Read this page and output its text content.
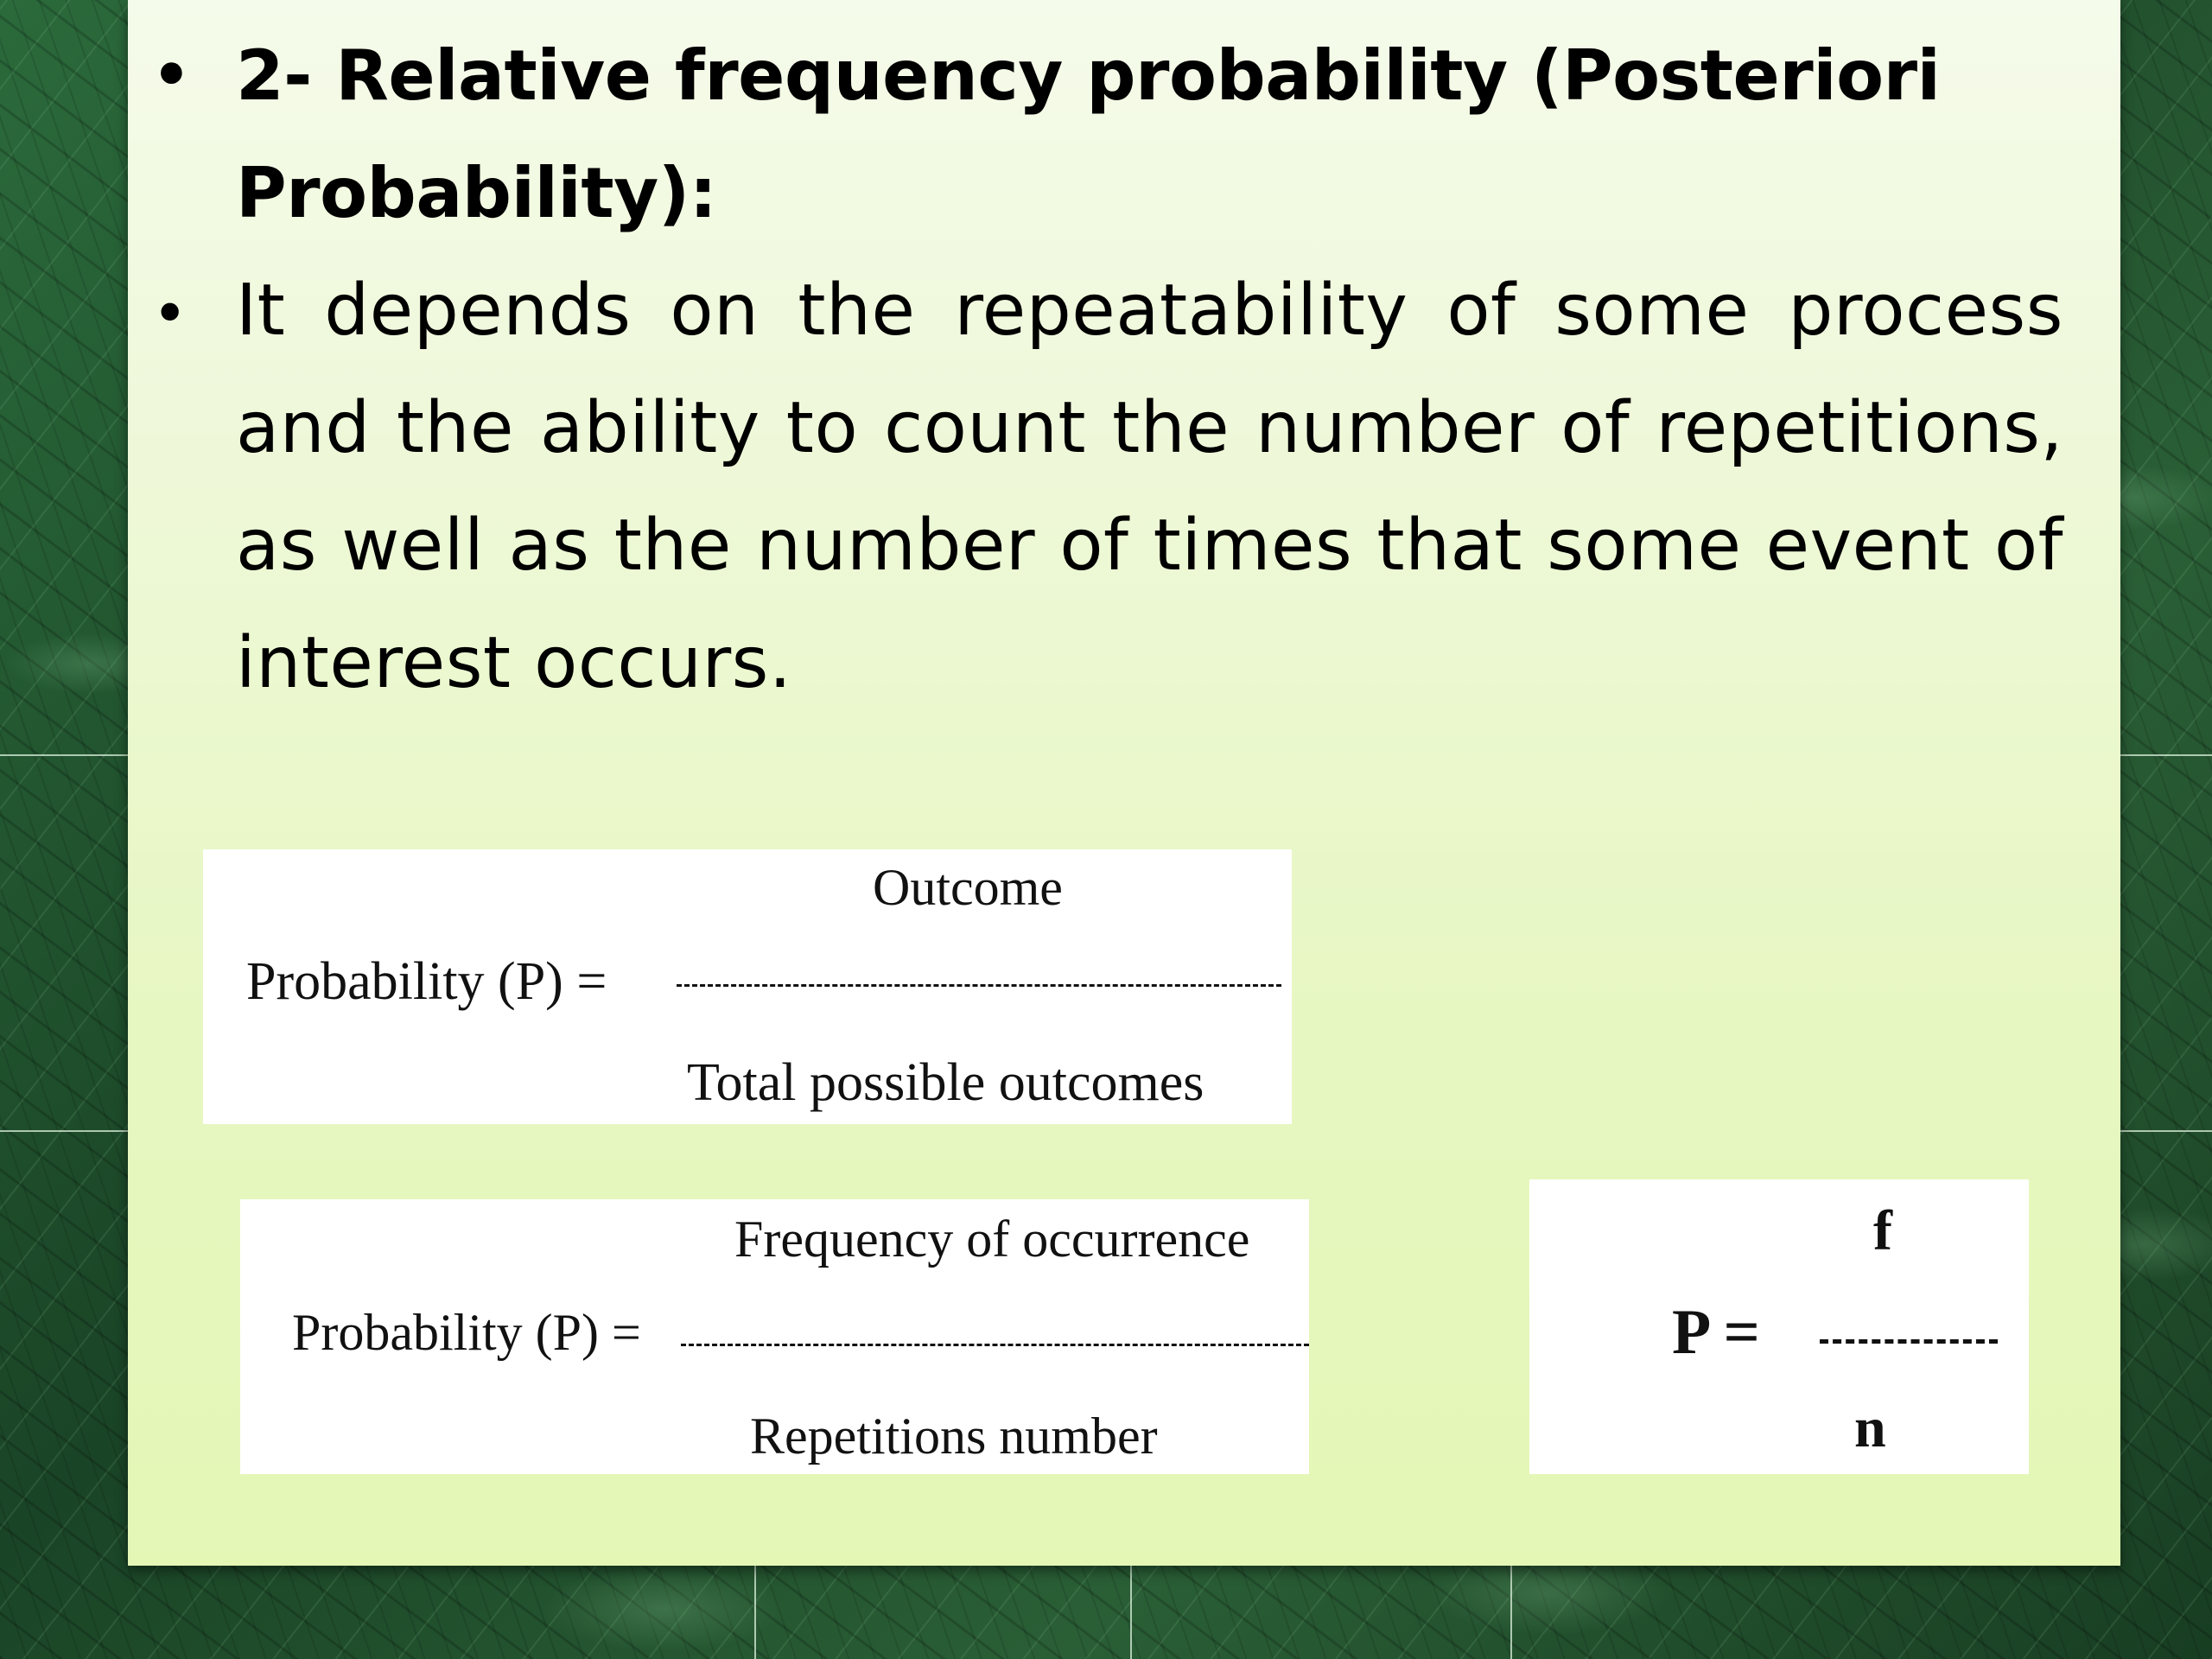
• 2- Relative frequency probability (Posteriori Probability):
• It depends on the repeatability of some process and the ability to count the number of repetitions, as well as the number of times that some event of interest occurs.
Outcome
Probability (P) =
Total possible outcomes
Frequency of occurrence
Probability (P) =
Repetitions number
f
P =
n
